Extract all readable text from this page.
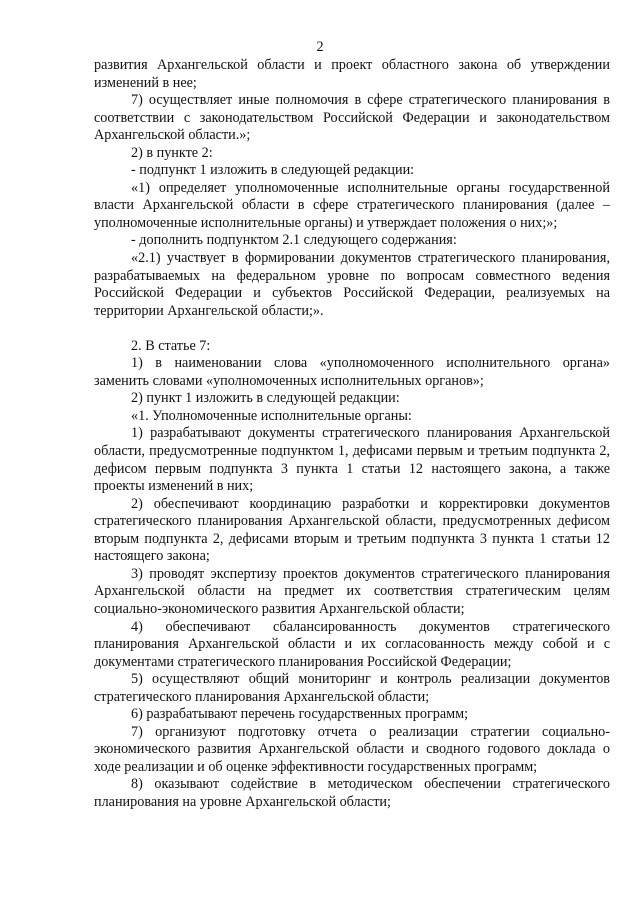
2

развития Архангельской области и проект областного закона об утверждении изменений в нее;

7) осуществляет иные полномочия в сфере стратегического планирования в соответствии с законодательством Российской Федерации и законодательством Архангельской области.»;

2) в пункте 2:

- подпункт 1 изложить в следующей редакции:

«1) определяет уполномоченные исполнительные органы государственной власти Архангельской области в сфере стратегического планирования (далее – уполномоченные исполнительные органы) и утверждает положения о них;»;

- дополнить подпунктом 2.1 следующего содержания:

«2.1) участвует в формировании документов стратегического планирования, разрабатываемых на федеральном уровне по вопросам совместного ведения Российской Федерации и субъектов Российской Федерации, реализуемых на территории Архангельской области;».

2. В статье 7:

1) в наименовании слова «уполномоченного исполнительного органа» заменить словами «уполномоченных исполнительных органов»;

2) пункт 1 изложить в следующей редакции:

«1. Уполномоченные исполнительные органы:

1) разрабатывают документы стратегического планирования Архангельской области, предусмотренные подпунктом 1, дефисами первым и третьим подпункта 2, дефисом первым подпункта 3 пункта 1 статьи 12 настоящего закона, а также проекты изменений в них;

2) обеспечивают координацию разработки и корректировки документов стратегического планирования Архангельской области, предусмотренных дефисом вторым подпункта 2, дефисами вторым и третьим подпункта 3 пункта 1 статьи 12 настоящего закона;

3) проводят экспертизу проектов документов стратегического планирования Архангельской области на предмет их соответствия стратегическим целям социально-экономического развития Архангельской области;

4) обеспечивают сбалансированность документов стратегического планирования Архангельской области и их согласованность между собой и с документами стратегического планирования Российской Федерации;

5) осуществляют общий мониторинг и контроль реализации документов стратегического планирования Архангельской области;

6) разрабатывают перечень государственных программ;

7) организуют подготовку отчета о реализации стратегии социально-экономического развития Архангельской области и сводного годового доклада о ходе реализации и об оценке эффективности государственных программ;

8) оказывают содействие в методическом обеспечении стратегического планирования на уровне Архангельской области;
